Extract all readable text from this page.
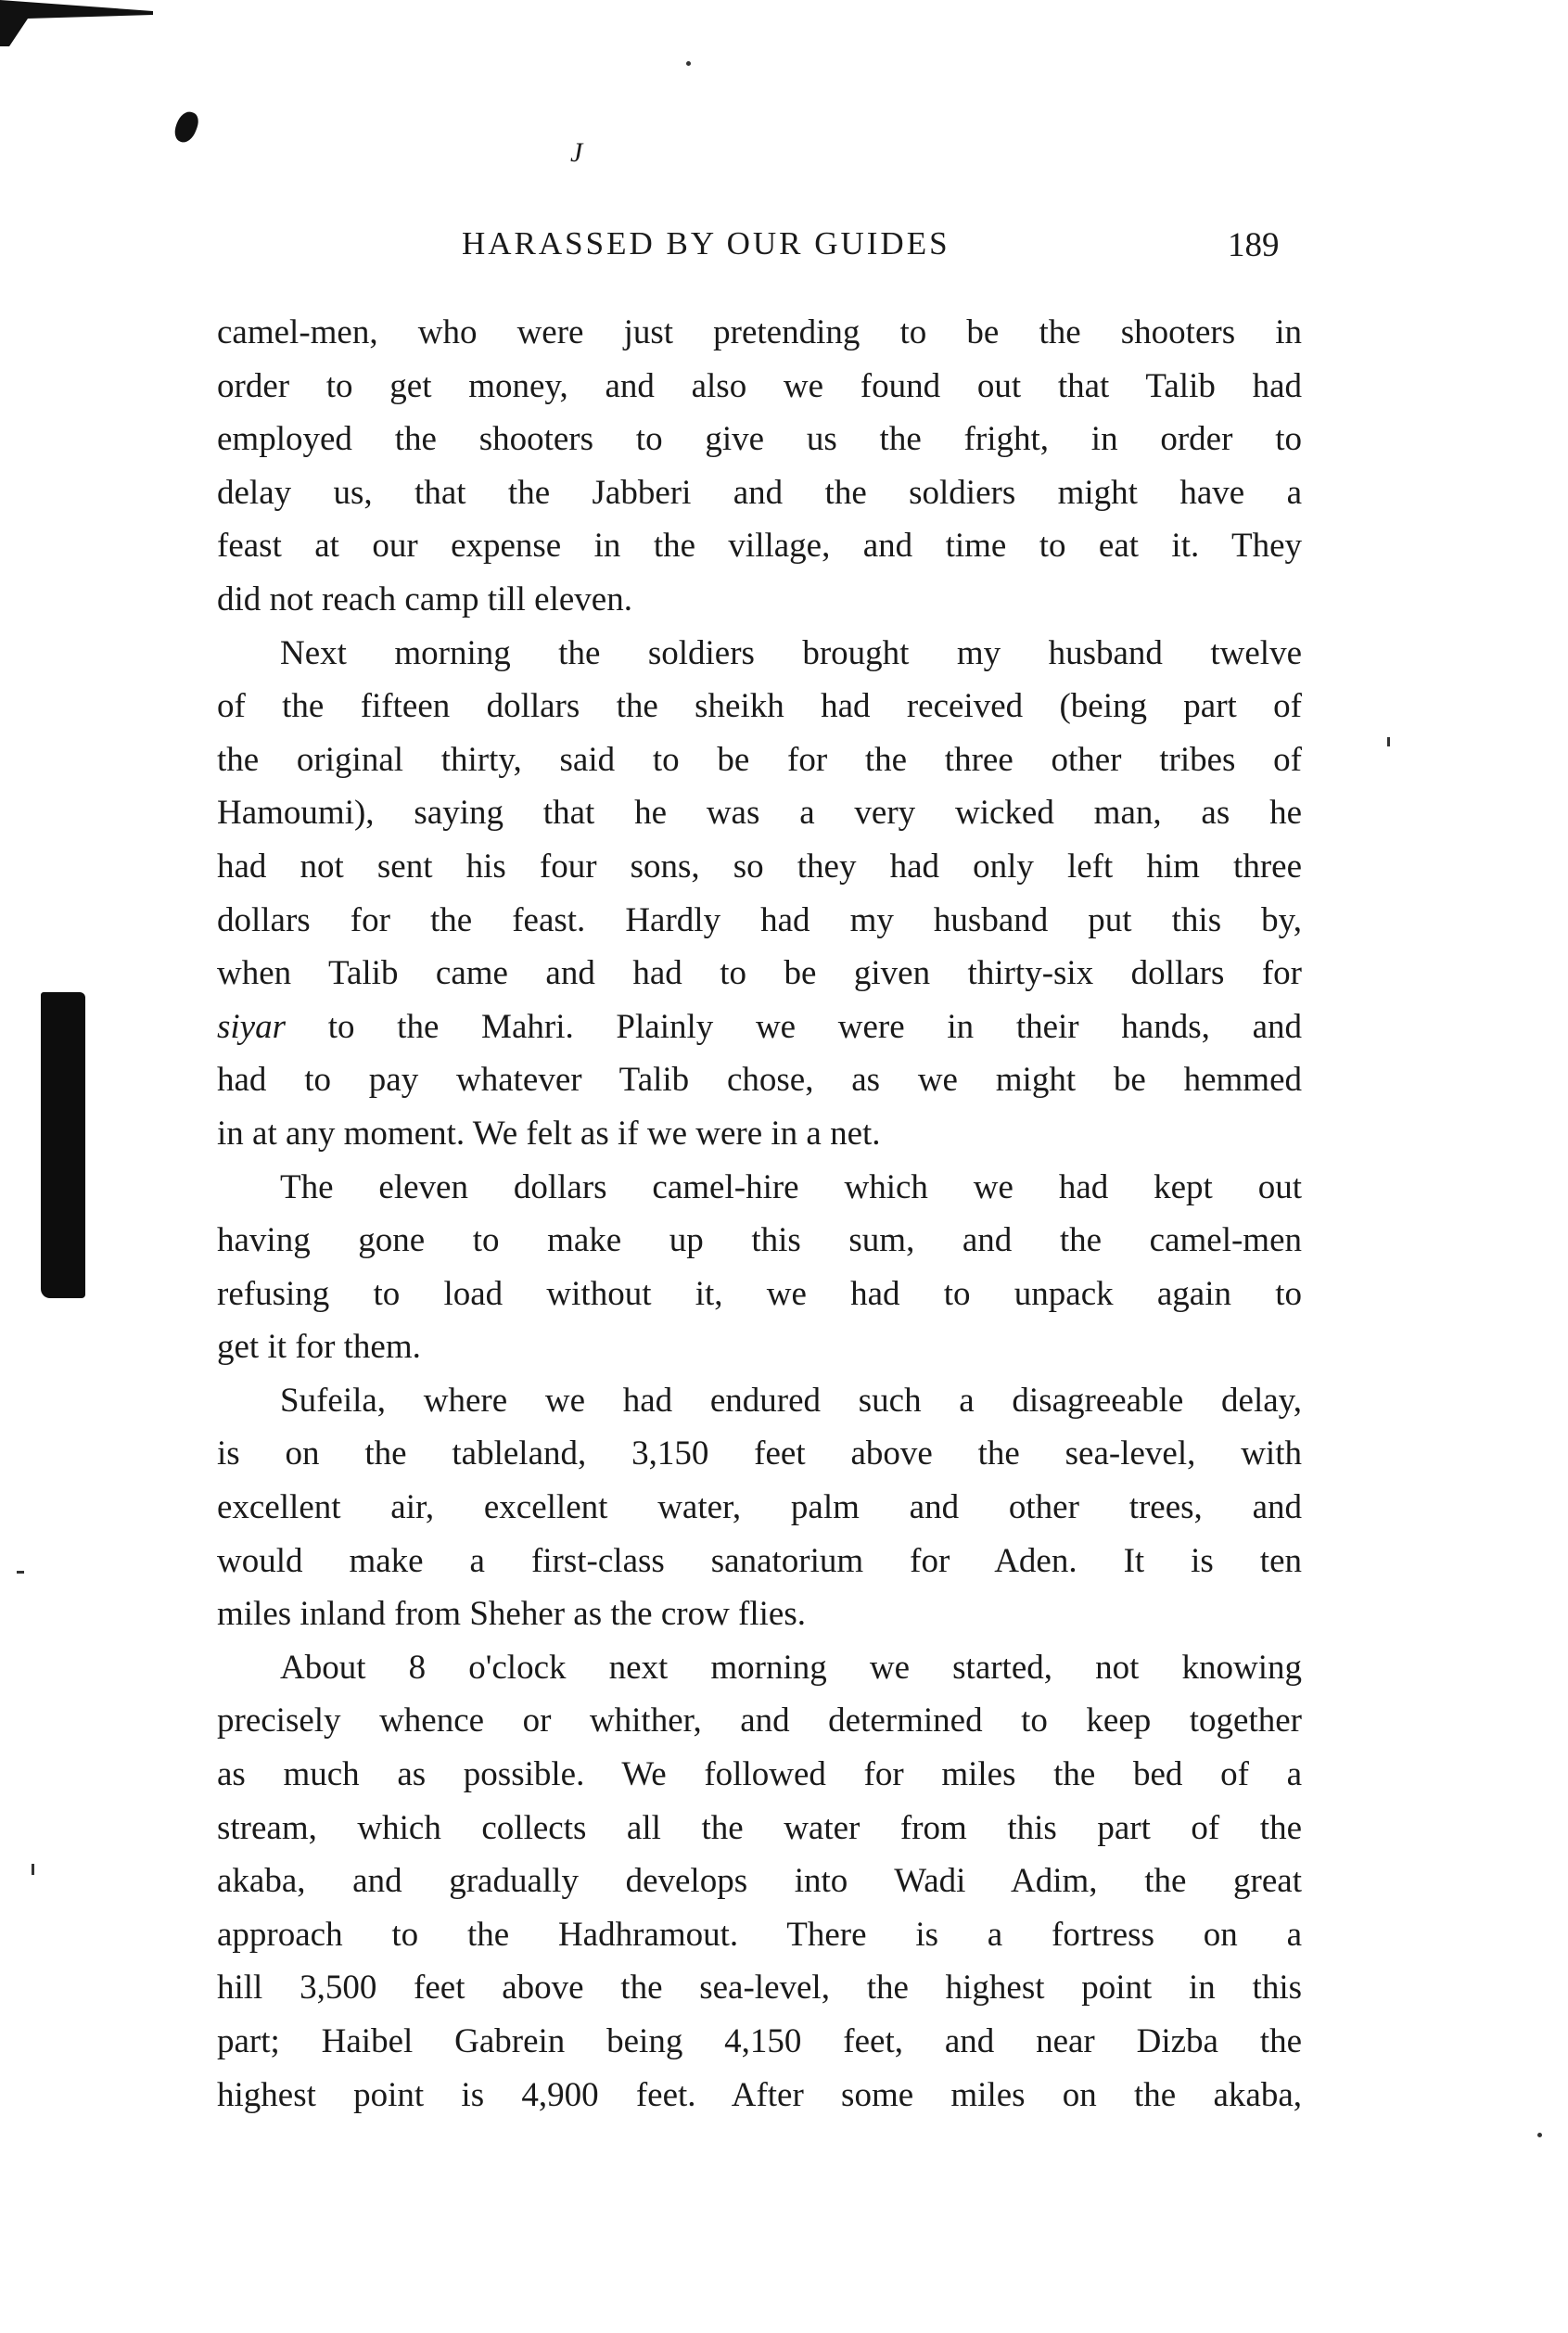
J
HARASSED BY OUR GUIDES	189
camel-men, who were just pretending to be the shooters in
order to get money, and also we found out that Talib had
employed the shooters to give us the fright, in order to
delay us, that the Jabberi and the soldiers might have a
feast at our expense in the village, and time to eat it. They
did not reach camp till eleven.
Next morning the soldiers brought my husband twelve
of the fifteen dollars the sheikh had received (being part of
the original thirty, said to be for the three other tribes of
Hamoumi), saying that he was a very wicked man, as he
had not sent his four sons, so they had only left him three
dollars for the feast. Hardly had my husband put this by,
when Talib came and had to be given thirty-six dollars for
siyar to the Mahri. Plainly we were in their hands, and
had to pay whatever Talib chose, as we might be hemmed
in at any moment. We felt as if we were in a net.
The eleven dollars camel-hire which we had kept out
having gone to make up this sum, and the camel-men
refusing to load without it, we had to unpack again to
get it for them.
Sufeila, where we had endured such a disagreeable delay,
is on the tableland, 3,150 feet above the sea-level, with
excellent air, excellent water, palm and other trees, and
would make a first-class sanatorium for Aden. It is ten
miles inland from Sheher as the crow flies.
About 8 o'clock next morning we started, not knowing
precisely whence or whither, and determined to keep together
as much as possible. We followed for miles the bed of a
stream, which collects all the water from this part of the
akaba, and gradually develops into Wadi Adim, the great
approach to the Hadhramout. There is a fortress on a
hill 3,500 feet above the sea-level, the highest point in this
part; Haibel Gabrein being 4,150 feet, and near Dizba the
highest point is 4,900 feet. After some miles on the akaba,
